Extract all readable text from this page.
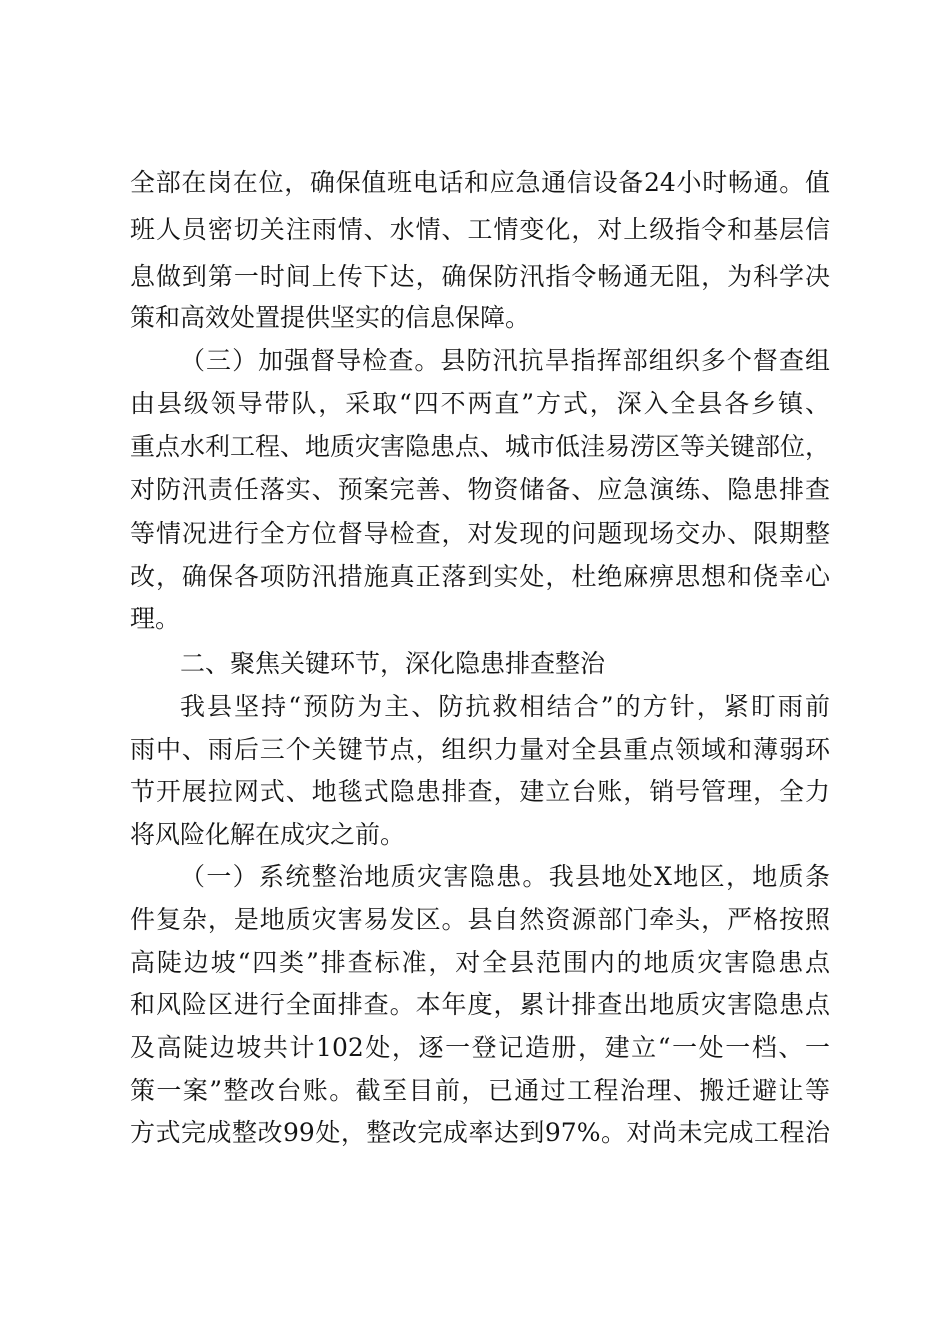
全部在岗在位，确保值班电话和应急通信设备24小时畅通。值
班人员密切关注雨情、水情、工情变化，对上级指令和基层信
息做到第一时间上传下达，确保防汛指令畅通无阻，为科学决
策和高效处置提供坚实的信息保障。
（三）加强督导检查。县防汛抗旱指挥部组织多个督查组
由县级领导带队，采取“四不两直”方式，深入全县各乡镇、
重点水利工程、地质灾害隐患点、城市低洼易涝区等关键部位，
对防汛责任落实、预案完善、物资储备、应急演练、隐患排查
等情况进行全方位督导检查，对发现的问题现场交办、限期整
改，确保各项防汛措施真正落到实处，杜绝麻痹思想和侥幸心
理。
二、聚焦关键环节，深化隐患排查整治
我县坚持“预防为主、防抗救相结合”的方针，紧盯雨前
雨中、雨后三个关键节点，组织力量对全县重点领域和薄弱环
节开展拉网式、地毯式隐患排查，建立台账，销号管理，全力
将风险化解在成灾之前。
（一）系统整治地质灾害隐患。我县地处X地区，地质条
件复杂，是地质灾害易发区。县自然资源部门牵头，严格按照
高陡边坡“四类”排查标准，对全县范围内的地质灾害隐患点
和风险区进行全面排查。本年度，累计排查出地质灾害隐患点
及高陡边坡共计102处，逐一登记造册，建立“一处一档、一
策一案”整改台账。截至目前，已通过工程治理、搬迁避让等
方式完成整改99处，整改完成率达到97%。对尚未完成工程治
